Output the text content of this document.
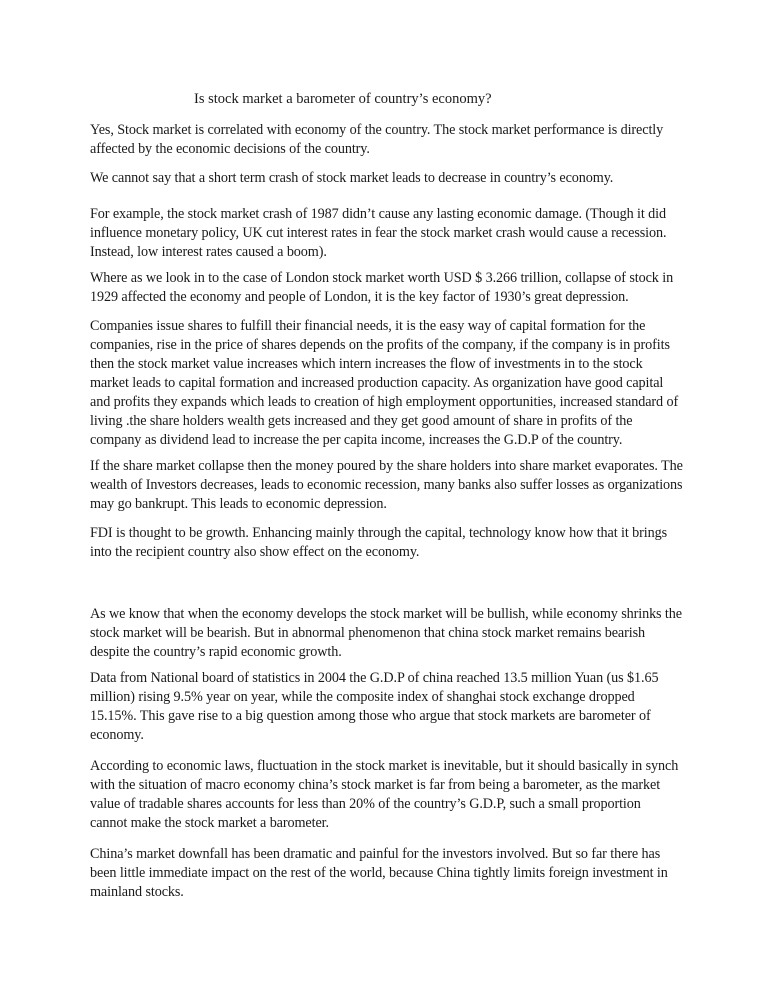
Is stock market a barometer of country’s economy?
Yes, Stock market is correlated with economy of the country. The stock market performance is directly
affected by the economic decisions of the country.
We cannot say that a short term crash of stock market leads to decrease in country’s economy.
For example, the stock market crash of 1987 didn’t cause any lasting economic damage. (Though it did
influence monetary policy, UK cut interest rates in fear the stock market crash would cause a recession.
Instead, low interest rates caused a boom).
Where as we look in to the case of London stock market worth USD $ 3.266 trillion, collapse of stock in
1929 affected the economy and people of London, it is the key factor of 1930’s great depression.
Companies issue shares to fulfill their financial needs, it is the easy way of capital formation for the
companies, rise in the price of shares depends on the profits of the company, if the company is in profits
then the stock market value increases which intern increases the flow of investments in to the stock
market leads to capital formation and increased production capacity. As organization have good capital
and profits they expands which leads to creation of high employment opportunities, increased standard of
living .the share holders wealth gets increased and they get good amount of share in profits of the
company as dividend lead to increase the per capita income, increases the G.D.P of the country.
If the share market collapse then the money poured by the share holders into share market evaporates. The
wealth of Investors decreases, leads to economic recession, many banks also suffer losses as organizations
may go bankrupt. This leads to economic depression.
FDI is thought to be growth. Enhancing mainly through the capital, technology know how that it brings
into the recipient country also show effect on the economy.
As we know that when the economy develops the stock market will be bullish, while economy shrinks the
stock market will be bearish. But in abnormal phenomenon that china stock market remains bearish
despite the country’s rapid economic growth.
Data from National board of statistics in 2004 the G.D.P of china reached 13.5 million Yuan (us $1.65
million) rising 9.5% year on year, while the composite index of shanghai stock exchange dropped
15.15%. This gave rise to a big question among those who argue that stock markets are barometer of
economy.
According to economic laws, fluctuation in the stock market is inevitable, but it should basically in synch
with the situation of macro economy china’s stock market is far from being a barometer, as the market
value of tradable shares accounts for less than 20% of the country’s G.D.P, such a small proportion
cannot make the stock market a barometer.
China’s market downfall has been dramatic and painful for the investors involved. But so far there has
been little immediate impact on the rest of the world, because China tightly limits foreign investment in
mainland stocks.
